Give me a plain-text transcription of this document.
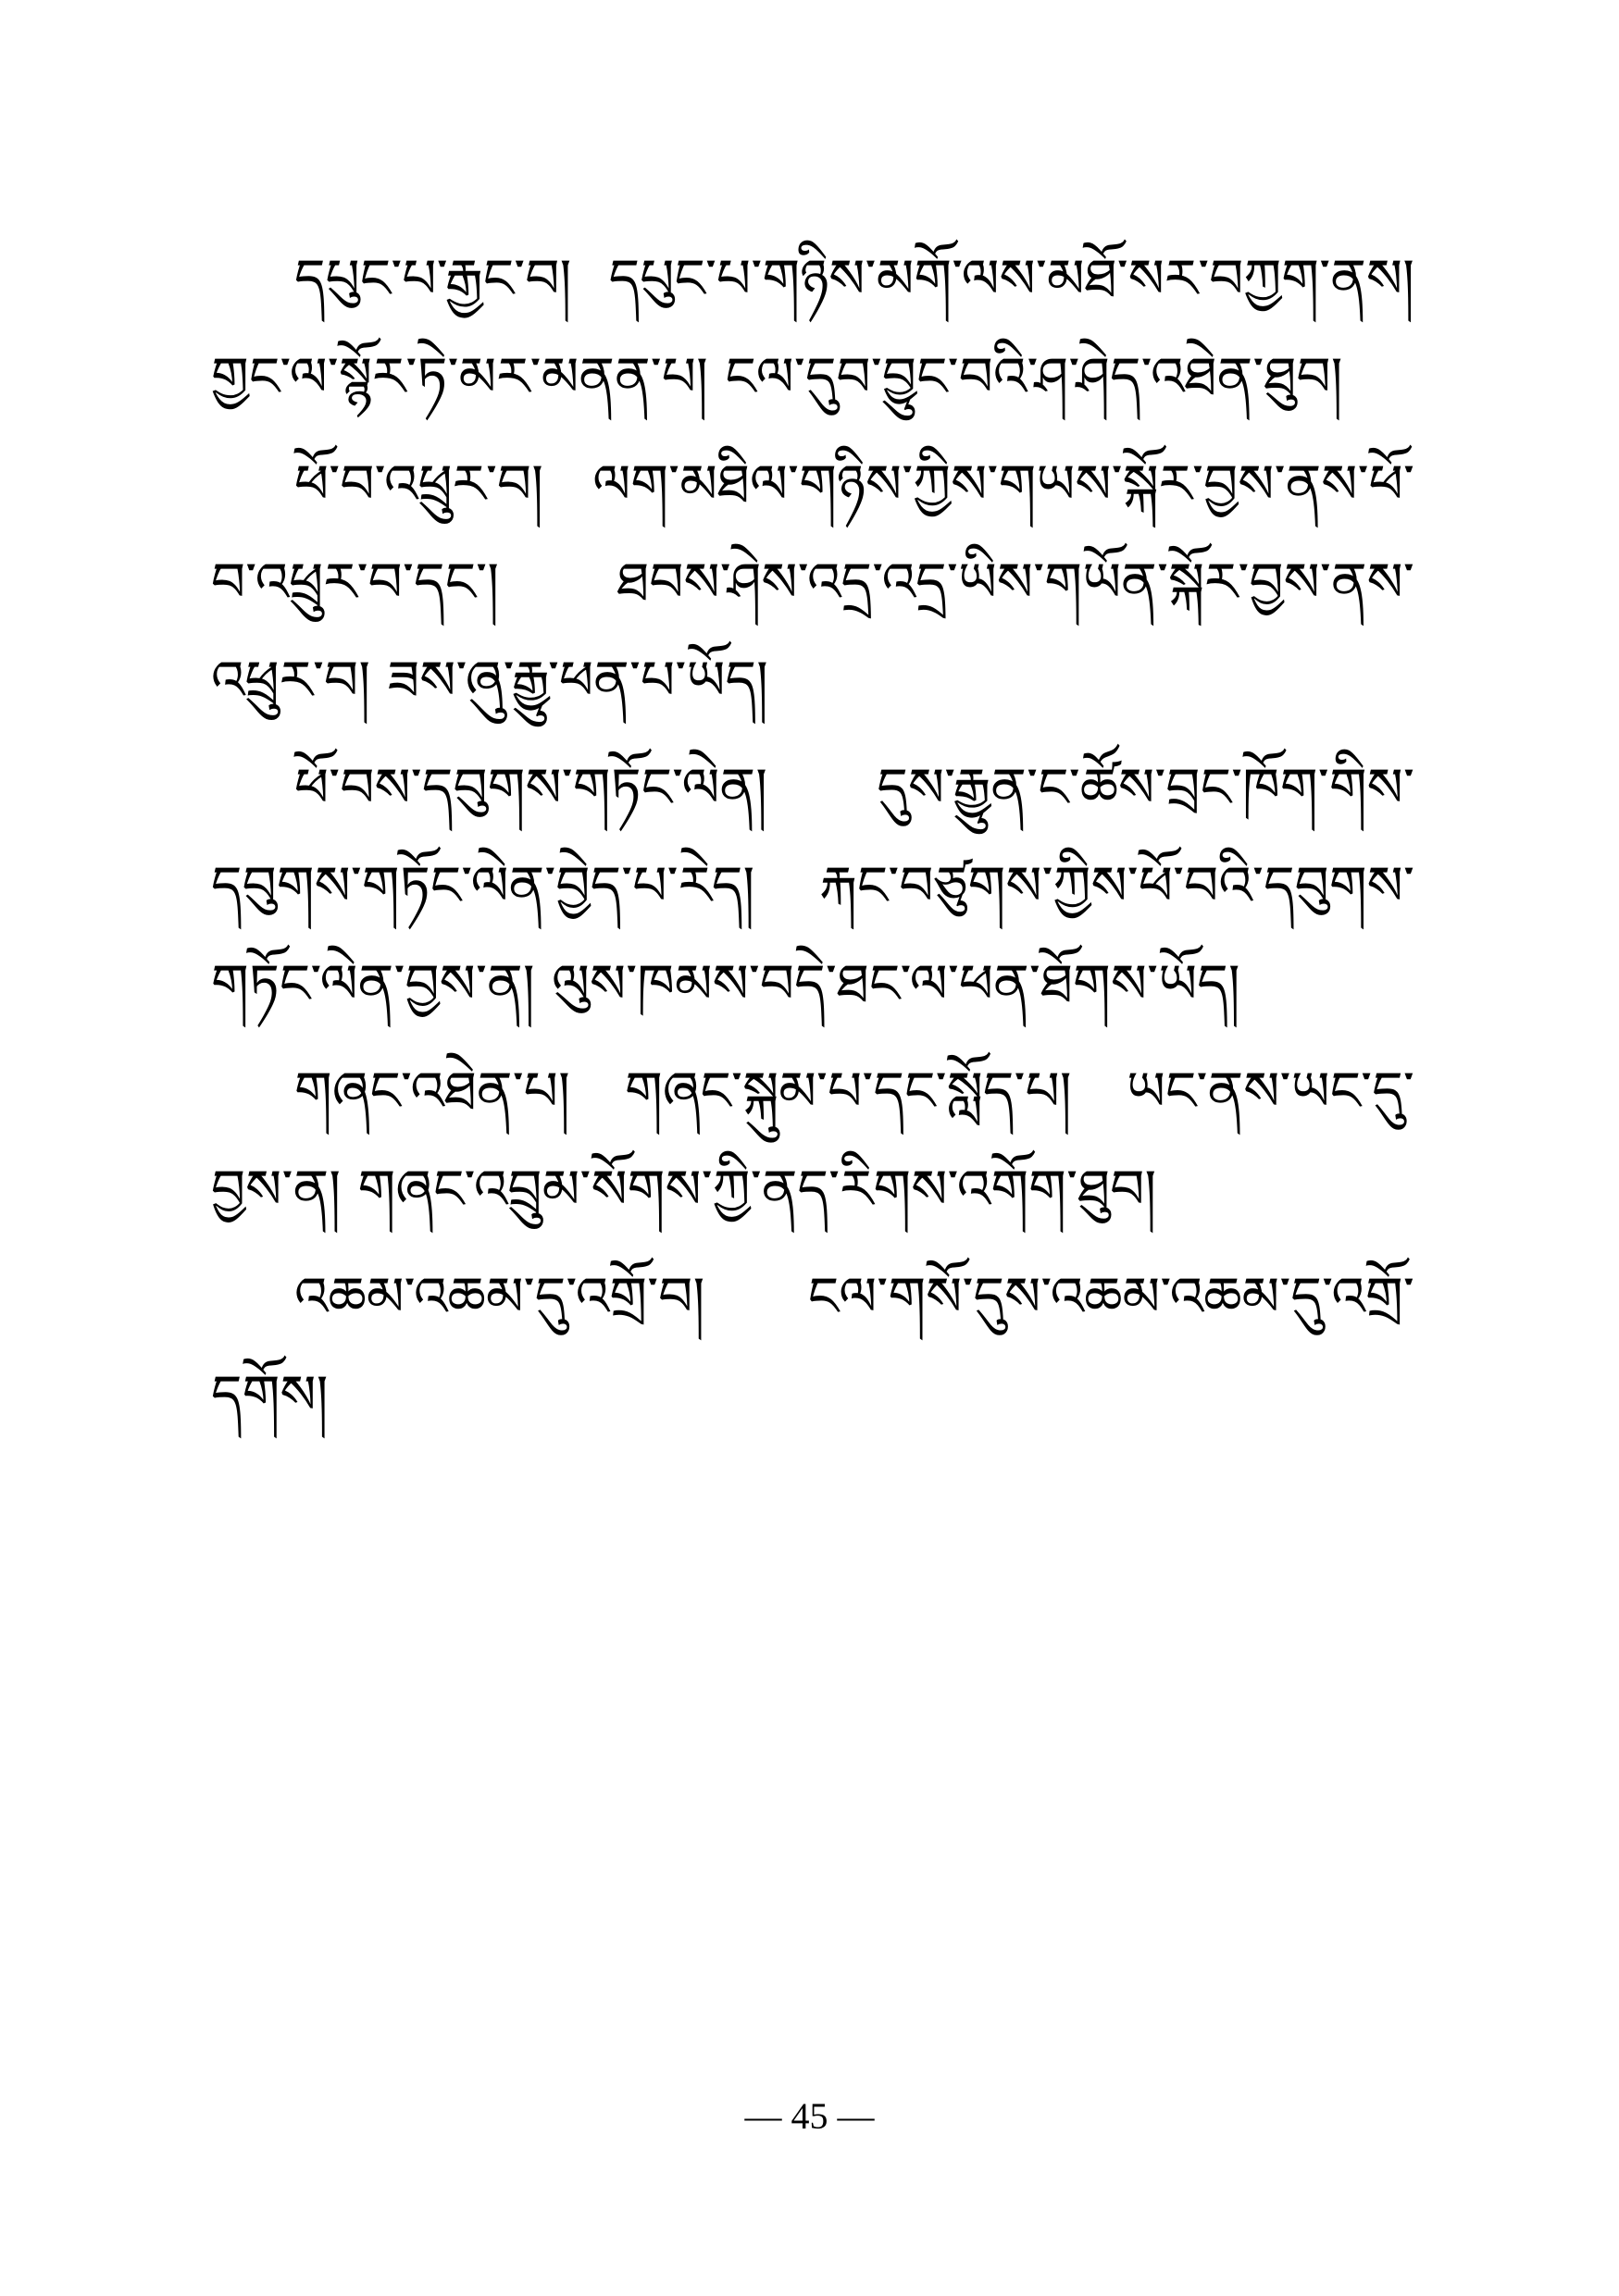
དཔུང་པ་རྒྱང་བ། དཔུང་པ་གཉིས་མགོ་ལས་མཐོ་སར་བཀྱག་ནས། གྱང་ལ་སྙོར་ཏེ་མར་མནན་པ། ངལ་དུབ་བྱུང་བའི་ཤ་ཤེད་འཐེན་ཐུབ།

ཕོ་བ་འཕྲུར་བ། ལག་མཐིལ་གཉིས་ཀྱིས་གཡས་སྐོར་བྱས་ནས་ཕོ་བ་འཕྲུར་བ་དང་། ཐབས་ཤེས་འདྲ་འདྲ་ཡིས་གཡོན་སྐོར་བྱས་ནས་འཕྲུར་བ། ཟས་ཞུ་རྒྱུ་ཕན་པ་ཡོད།

ཕོ་བས་དབུགས་གཏོང་ལེན། དུས་རྒྱུན་ང་ཚོས་བྲང་ཁོག་གིས་དབུགས་གཏོང་ལེན་བྱེད་པ་རེད། རྐང་བཙུགས་ཀྱིས་ཕོ་བའི་དབུགས་གཏོང་ལེན་བྱས་ན། ལུས་ཁམས་བདེ་ཐང་ལ་ཕན་ཐོགས་ཡོད།

གཞང་འཐེན་པ། གཞང་སྐུམ་པ་དང་སློད་པ། ཡང་ནས་ཡང་དུ་བྱས་ན། གཞང་འབྲུམ་སོགས་ཀྱི་ནད་རིགས་འགོག་ཐུབ།

འཆམ་འཆམ་དུ་འགྲོ་བ། ངལ་གསོ་དུས་འཆམ་འཆམ་དུ་འགྲོ་དགོས།

— 45 —
